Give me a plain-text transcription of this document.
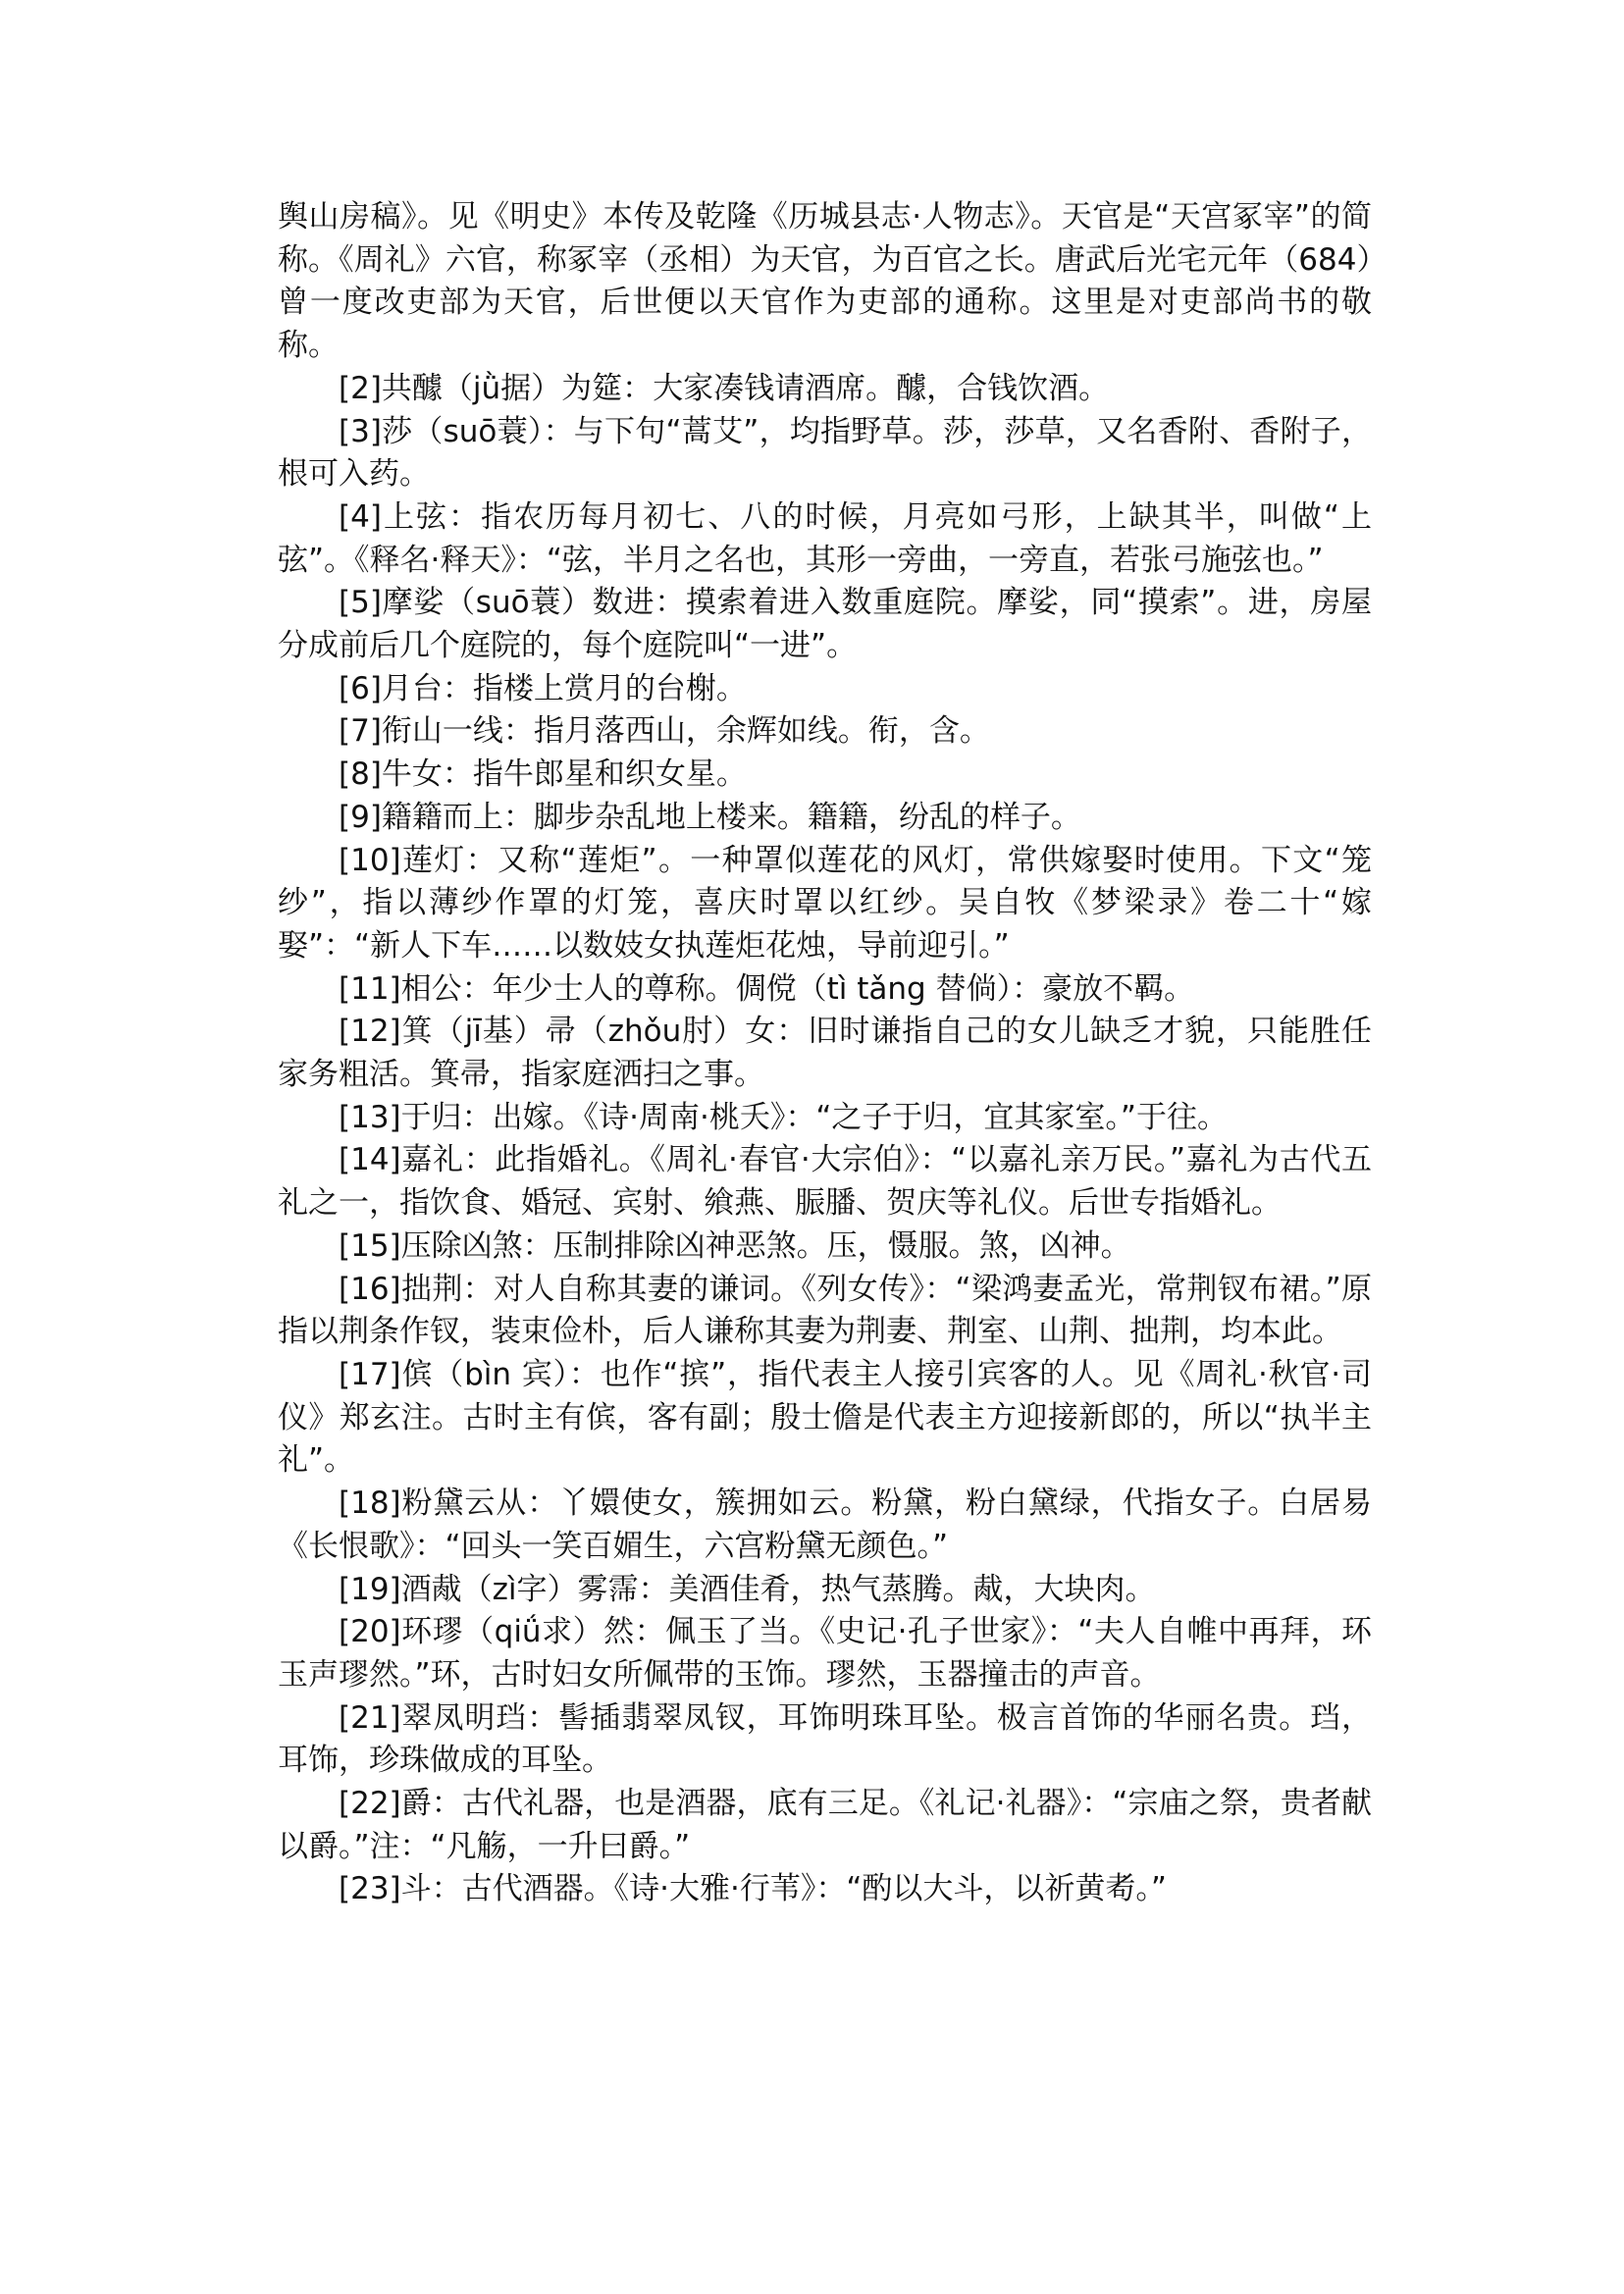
舆山房稿》。见《明史》本传及乾隆《历城县志·人物志》。天官是“天宫冢宰”的简称。《周礼》六官，称冢宰（丞相）为天官，为百官之长。唐武后光宅元年（684）曾一度改吏部为天官，后世便以天官作为吏部的通称。这里是对吏部尚书的敬称。

[2]共醵（jǜ据）为筵：大家凑钱请酒席。醵，合钱饮酒。

[3]莎（suō蓑）：与下句“蒿艾”，均指野草。莎，莎草，又名香附、香附子，根可入药。

[4]上弦：指农历每月初七、八的时候，月亮如弓形，上缺其半，叫做“上弦”。《释名·释天》：“弦，半月之名也，其形一旁曲，一旁直，若张弓施弦也。”

[5]摩娑（suō蓑）数进：摸索着进入数重庭院。摩娑，同“摸索”。进，房屋分成前后几个庭院的，每个庭院叫“一进”。

[6]月台：指楼上赏月的台榭。

[7]衔山一线：指月落西山，余辉如线。衔，含。

[8]牛女：指牛郎星和织女星。

[9]籍籍而上：脚步杂乱地上楼来。籍籍，纷乱的样子。

[10]莲灯：又称“莲炬”。一种罩似莲花的风灯，常供嫁娶时使用。下文“笼纱”，指以薄纱作罩的灯笼，喜庆时罩以红纱。吴自牧《梦梁录》卷二十“嫁娶”：“新人下车……以数妓女执莲炬花烛，导前迎引。”

[11]相公：年少士人的尊称。倜傥（tì tǎng 替倘）：豪放不羁。

[12]箕（jī基）帚（zhǒu肘）女：旧时谦指自己的女儿缺乏才貌，只能胜任家务粗活。箕帚，指家庭洒扫之事。

[13]于归：出嫁。《诗·周南·桃夭》：“之子于归，宜其家室。”于往。

[14]嘉礼：此指婚礼。《周礼·春官·大宗伯》：“以嘉礼亲万民。”嘉礼为古代五礼之一，指饮食、婚冠、宾射、飨燕、脤膰、贺庆等礼仪。后世专指婚礼。

[15]压除凶煞：压制排除凶神恶煞。压，慑服。煞，凶神。

[16]拙荆：对人自称其妻的谦词。《列女传》：“梁鸿妻孟光，常荆钗布裙。”原指以荆条作钗，装束俭朴，后人谦称其妻为荆妻、荆室、山荆、拙荆，均本此。

[17]傧（bìn 宾）：也作“摈”，指代表主人接引宾客的人。见《周礼·秋官·司仪》郑玄注。古时主有傧，客有副；殷士儋是代表主方迎接新郎的，所以“执半主礼”。

[18]粉黛云从：丫嬛使女，簇拥如云。粉黛，粉白黛绿，代指女子。白居易《长恨歌》：“回头一笑百媚生，六宫粉黛无颜色。”

[19]酒胾（zì字）雾霈：美酒佳肴，热气蒸腾。胾，大块肉。

[20]环璆（qiǘ求）然：佩玉了当。《史记·孔子世家》：“夫人自帷中再拜，环玉声璆然。”环，古时妇女所佩带的玉饰。璆然，玉器撞击的声音。

[21]翠凤明珰：髻插翡翠凤钗，耳饰明珠耳坠。极言首饰的华丽名贵。珰，耳饰，珍珠做成的耳坠。

[22]爵：古代礼器，也是酒器，底有三足。《礼记·礼器》：“宗庙之祭，贵者献以爵。”注：“凡觞，一升曰爵。”

[23]斗：古代酒器。《诗·大雅·行苇》：“酌以大斗，以祈黄耇。”
